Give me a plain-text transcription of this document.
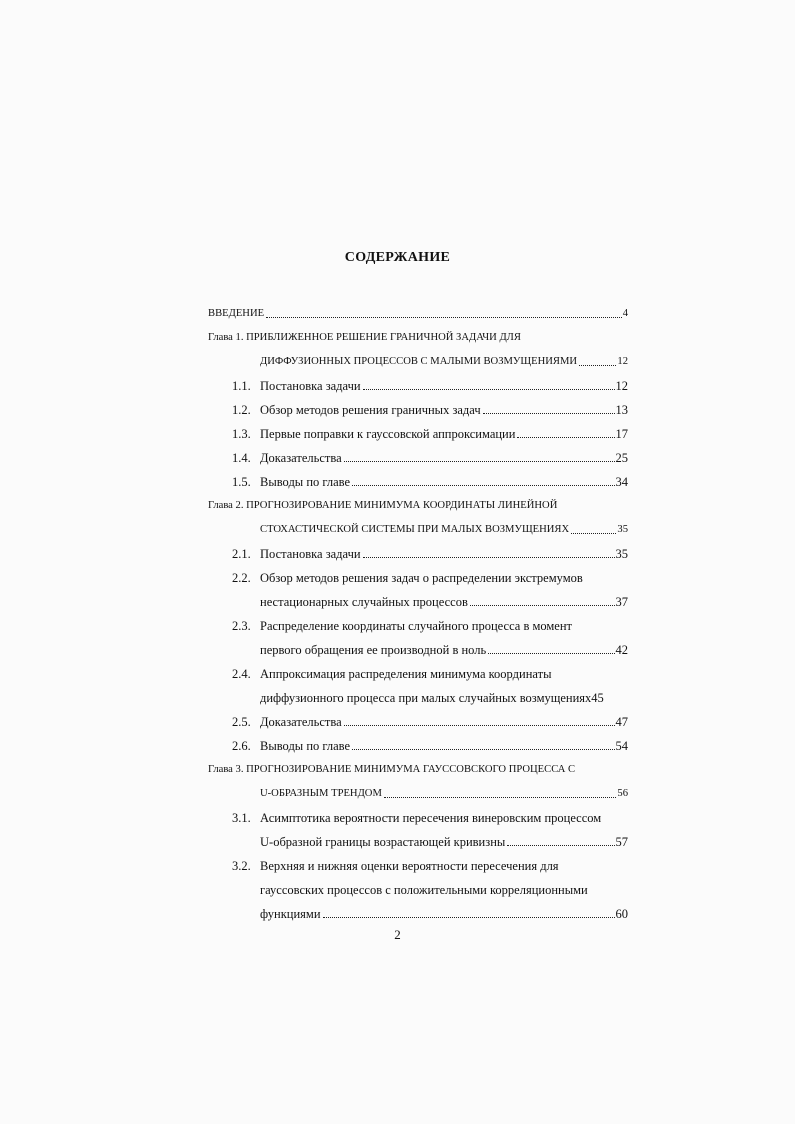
СОДЕРЖАНИЕ
ВВЕДЕНИЕ	4
Глава 1. ПРИБЛИЖЕННОЕ РЕШЕНИЕ ГРАНИЧНОЙ ЗАДАЧИ ДЛЯ
ДИФФУЗИОННЫХ ПРОЦЕССОВ С МАЛЫМИ ВОЗМУЩЕНИЯМИ	12
1.1. Постановка задачи	12
1.2. Обзор методов решения граничных задач	13
1.3. Первые поправки к гауссовской аппроксимации	17
1.4. Доказательства	25
1.5. Выводы по главе	34
Глава 2. ПРОГНОЗИРОВАНИЕ МИНИМУМА КООРДИНАТЫ ЛИНЕЙНОЙ
СТОХАСТИЧЕСКОЙ СИСТЕМЫ ПРИ МАЛЫХ ВОЗМУЩЕНИЯХ	35
2.1. Постановка задачи	35
2.2. Обзор методов решения задач о распределении экстремумов
нестационарных случайных процессов	37
2.3. Распределение координаты случайного процесса в момент
первого обращения ее производной в ноль	42
2.4. Аппроксимация распределения минимума координаты
диффузионного процесса при малых случайных возмущениях 45
2.5. Доказательства	47
2.6. Выводы по главе	54
Глава 3. ПРОГНОЗИРОВАНИЕ МИНИМУМА ГАУССОВСКОГО ПРОЦЕССА С
U-ОБРАЗНЫМ ТРЕНДОМ	56
3.1. Асимптотика вероятности пересечения винеровским процессом
U-образной границы возрастающей кривизны	57
3.2. Верхняя и нижняя оценки вероятности пересечения для
гауссовских процессов с положительными корреляционными
функциями	60
2
